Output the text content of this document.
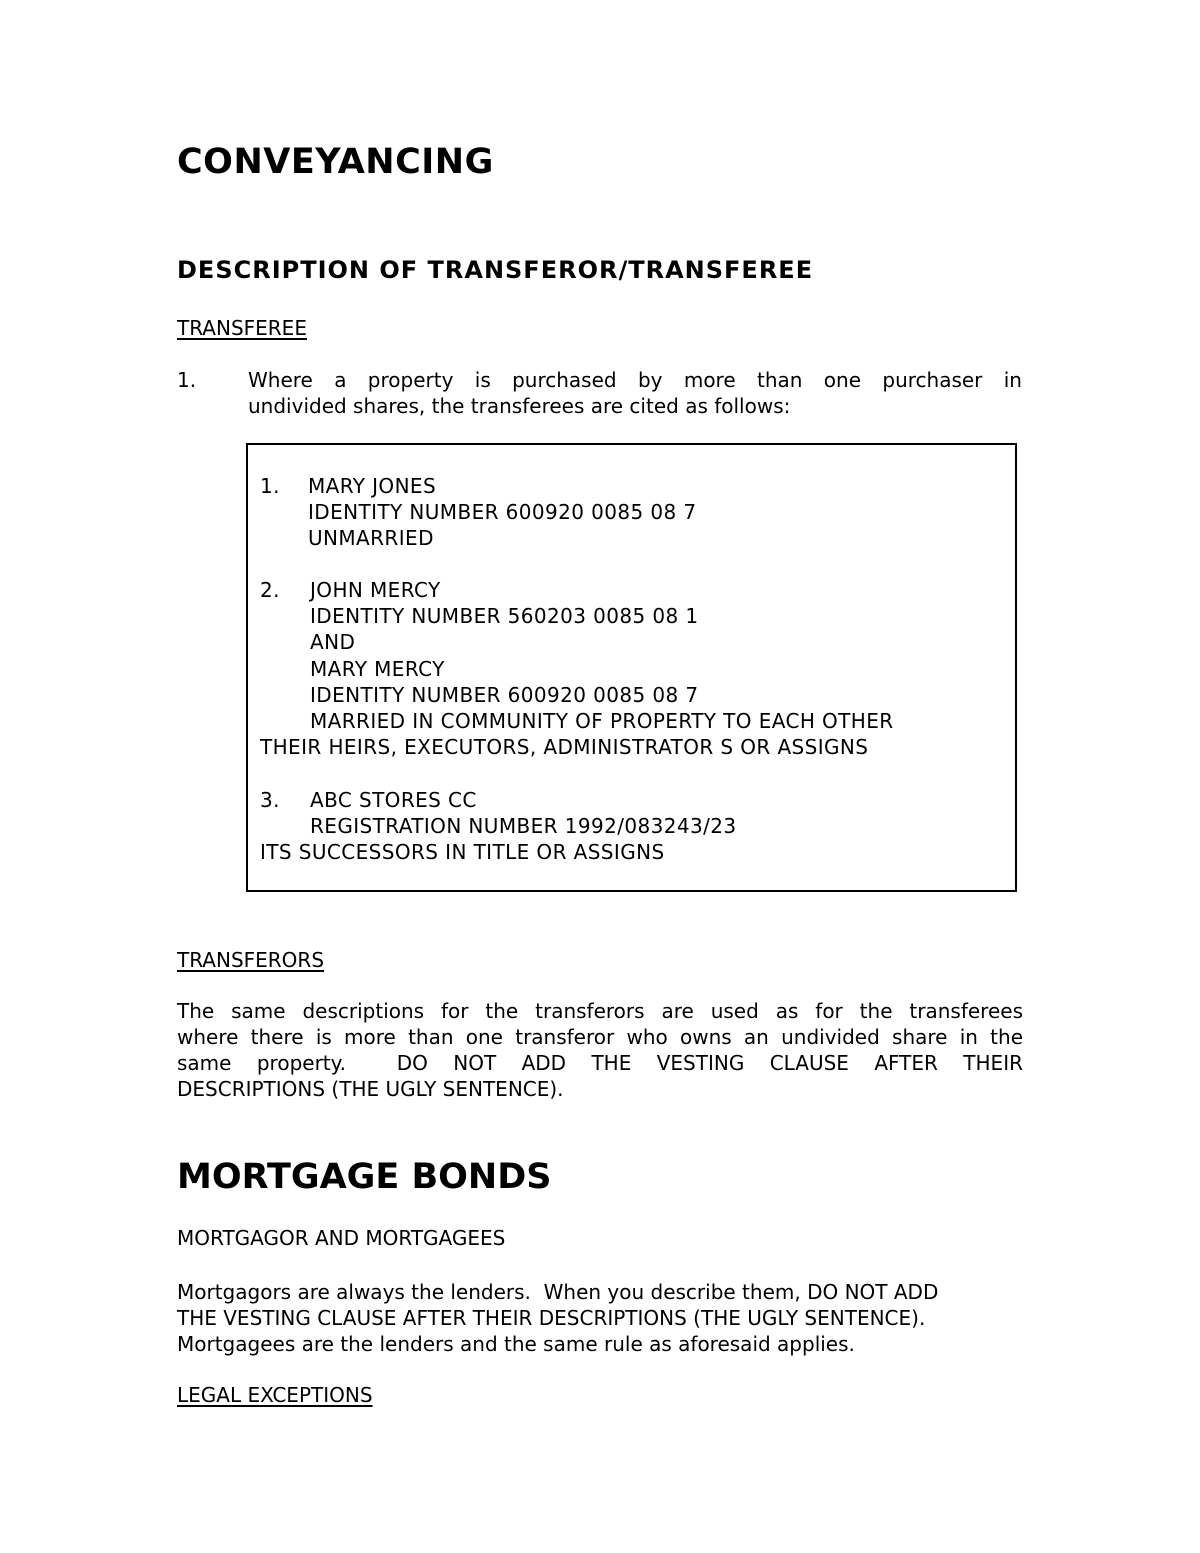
CONVEYANCING
DESCRIPTION OF TRANSFEROR/TRANSFEREE
TRANSFEREE
1.	Where a property is purchased by more than one purchaser in
undivided shares, the transferees are cited as follows:
1. MARY JONES
IDENTITY NUMBER 600920 0085 08 7
UNMARRIED
2. JOHN MERCY
IDENTITY NUMBER 560203 0085 08 1
AND
MARY MERCY
IDENTITY NUMBER 600920 0085 08 7
MARRIED IN COMMUNITY OF PROPERTY TO EACH OTHER
THEIR HEIRS, EXECUTORS, ADMINISTRATOR S OR ASSIGNS
3. ABC STORES CC
REGISTRATION NUMBER 1992/083243/23
ITS SUCCESSORS IN TITLE OR ASSIGNS
TRANSFERORS
The same descriptions for the transferors are used as for the transferees
where there is more than one transferor who owns an undivided share in the
same property.  DO NOT ADD THE VESTING CLAUSE AFTER THEIR
DESCRIPTIONS (THE UGLY SENTENCE).
MORTGAGE BONDS
MORTGAGOR AND MORTGAGEES
Mortgagors are always the lenders.  When you describe them, DO NOT ADD
THE VESTING CLAUSE AFTER THEIR DESCRIPTIONS (THE UGLY SENTENCE).
Mortgagees are the lenders and the same rule as aforesaid applies.
LEGAL EXCEPTIONS
